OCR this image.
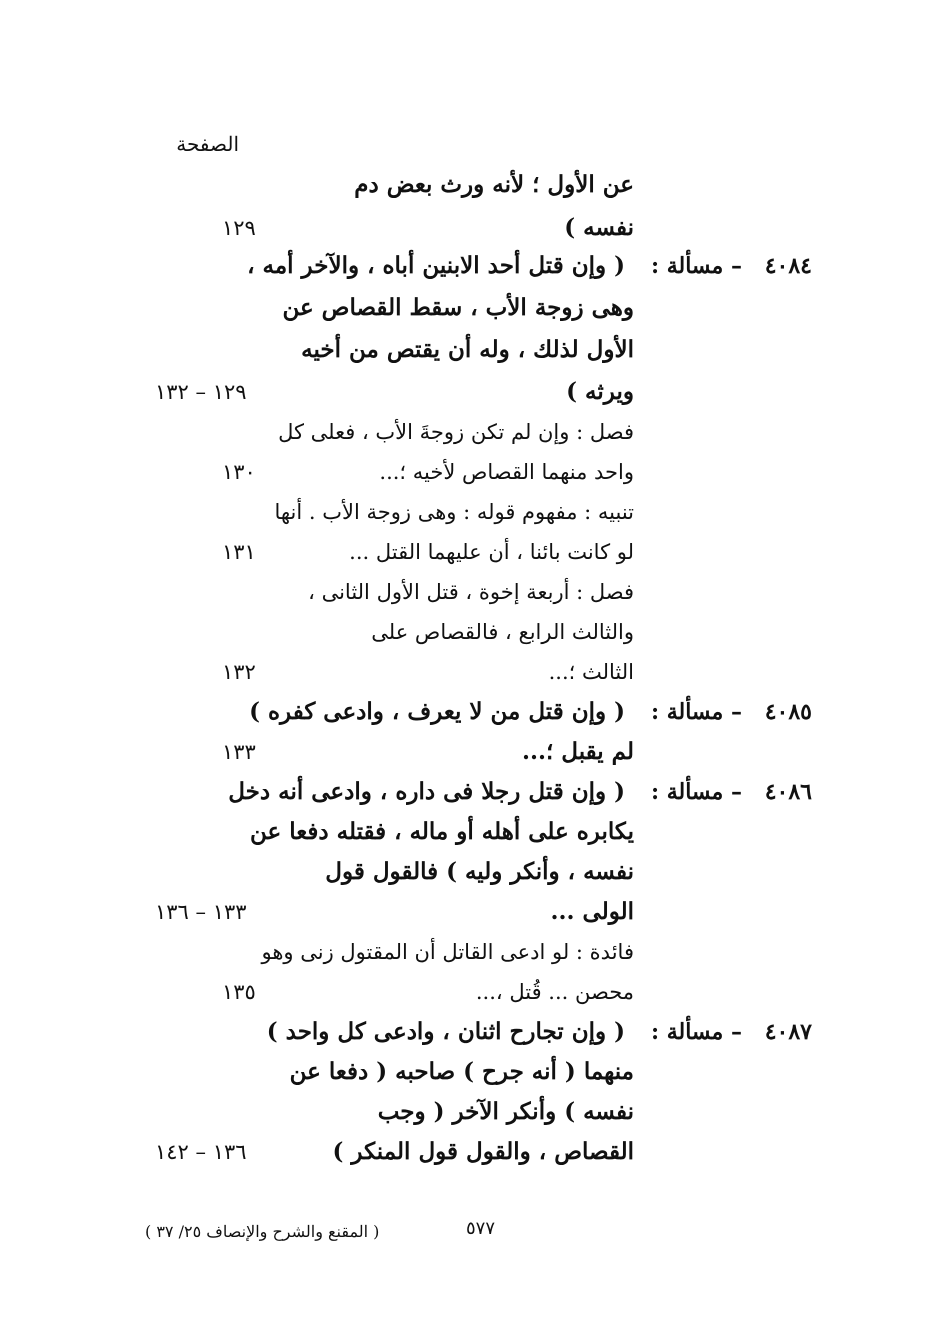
الصفحة
عن الأول ؛ لأنه ورث بعض دم
نفسه )
١٢٩
٤٠٨٤
– مسألة :
( وإن قتل أحد الابنين أباه ، والآخر أمه ،
وهى زوجة الأب ، سقط القصاص عن
الأول لذلك ، وله أن يقتص من أخيه
ويرثه )
١٢٩ – ١٣٢
فصل : وإن لم تكن زوجةَ الأب ، فعلى كل
واحد منهما القصاص لأخيه ؛...
١٣٠
تنبيه : مفهوم قوله : وهى زوجة الأب . أنها
لو كانت بائنا ، أن عليهما القتل ...
١٣١
فصل : أربعة إخوة ، قتل الأول الثانى ،
والثالث الرابع ، فالقصاص على
الثالث ؛...
١٣٢
٤٠٨٥
– مسألة :
( وإن قتل من لا يعرف ، وادعى كفره )
لم يقبل ؛...
١٣٣
٤٠٨٦
– مسألة :
( وإن قتل رجلا فى داره ، وادعى أنه دخل
يكابره على أهله أو ماله ، فقتله دفعا عن
نفسه ، وأنكر وليه ) فالقول قول
الولى ...
١٣٣ – ١٣٦
فائدة : لو ادعى القاتل أن المقتول زنى وهو
محصن ... قُتل ،...
١٣٥
٤٠٨٧
– مسألة :
( وإن تجارح اثنان ، وادعى كل واحد )
منهما ( أنه جرح ) صاحبه ( دفعا عن
نفسه ) وأنكر الآخر ( وجب
القصاص ، والقول قول المنكر )
١٣٦ – ١٤٢
٥٧٧
( المقنع والشرح والإنصاف ٢٥/ ٣٧ )
